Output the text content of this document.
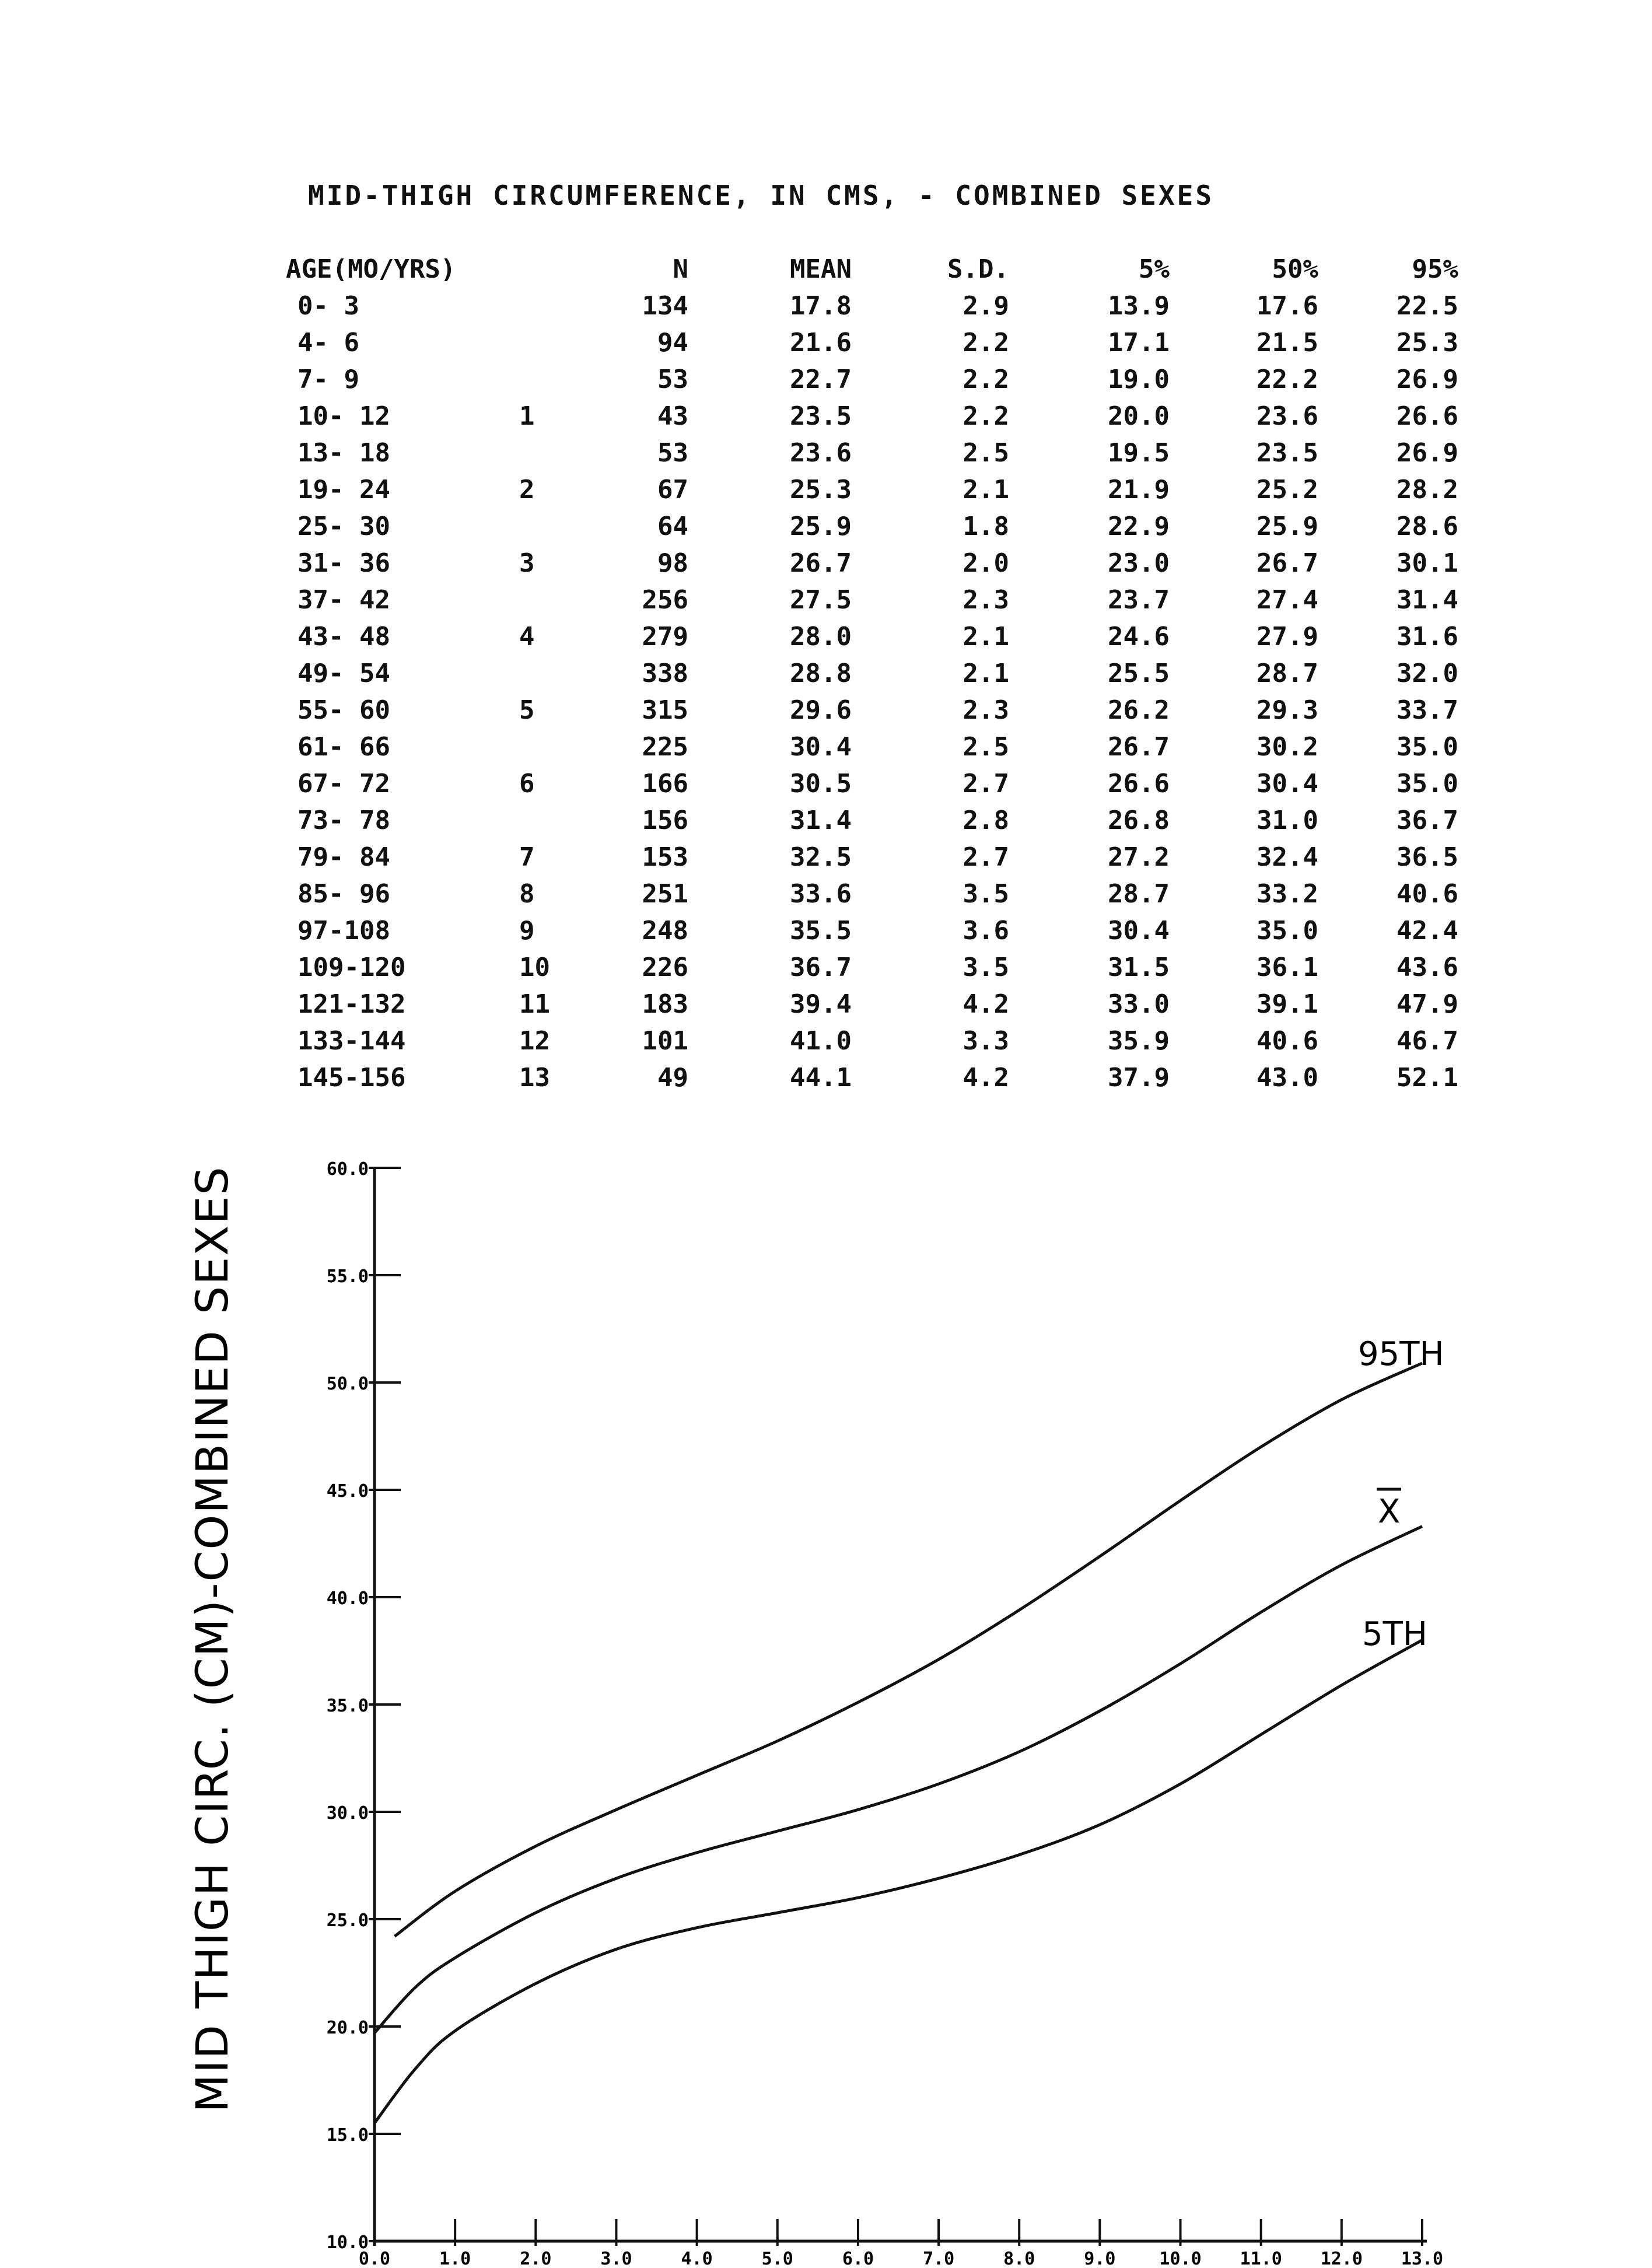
MID-THIGH CIRCUMFERENCE, IN CMS, - COMBINED SEXES
AGE(MO/YRS)		N	MEAN	S.D.	5%	50%	95%
0- 3		134	17.8	2.9	13.9	17.6	22.5
4- 6		94	21.6	2.2	17.1	21.5	25.3
7- 9		53	22.7	2.2	19.0	22.2	26.9
10- 12	1	43	23.5	2.2	20.0	23.6	26.6
13- 18		53	23.6	2.5	19.5	23.5	26.9
19- 24	2	67	25.3	2.1	21.9	25.2	28.2
25- 30		64	25.9	1.8	22.9	25.9	28.6
31- 36	3	98	26.7	2.0	23.0	26.7	30.1
37- 42		256	27.5	2.3	23.7	27.4	31.4
43- 48	4	279	28.0	2.1	24.6	27.9	31.6
49- 54		338	28.8	2.1	25.5	28.7	32.0
55- 60	5	315	29.6	2.3	26.2	29.3	33.7
61- 66		225	30.4	2.5	26.7	30.2	35.0
67- 72	6	166	30.5	2.7	26.6	30.4	35.0
73- 78		156	31.4	2.8	26.8	31.0	36.7
79- 84	7	153	32.5	2.7	27.2	32.4	36.5
85- 96	8	251	33.6	3.5	28.7	33.2	40.6
97-108	9	248	35.5	3.6	30.4	35.0	42.4
109-120	10	226	36.7	3.5	31.5	36.1	43.6
121-132	11	183	39.4	4.2	33.0	39.1	47.9
133-144	12	101	41.0	3.3	35.9	40.6	46.7
145-156	13	49	44.1	4.2	37.9	43.0	52.1
10.0
15.0
20.0
25.0
30.0
35.0
40.0
45.0
50.0
55.0
60.0
0.0	1.0	2.0	3.0	4.0	5.0	6.0	7.0	8.0	9.0 10.0 11.0 12.0 13.0
MID THIGH CIRC. (CM)-COMBINED SEXES	95TH
X
5TH
